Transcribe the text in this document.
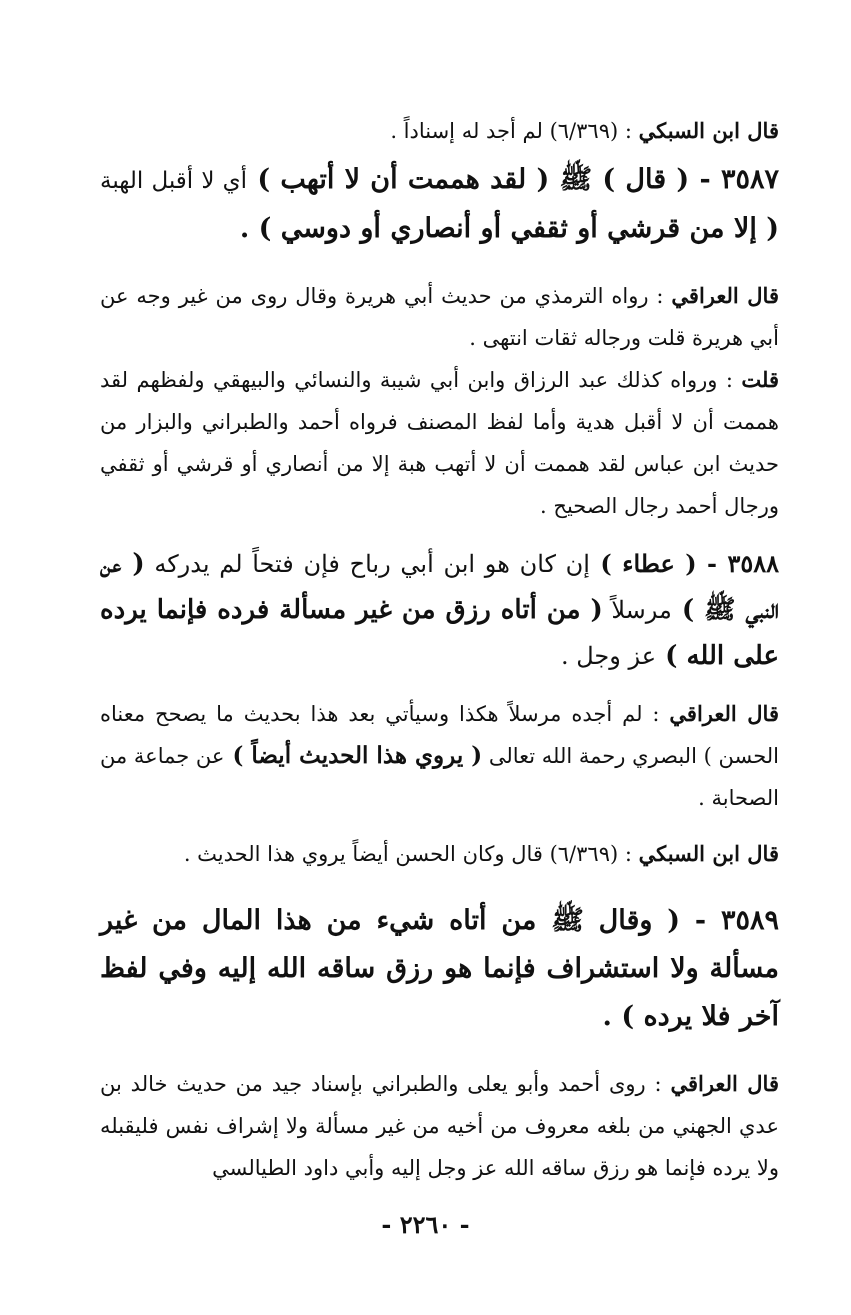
قال ابن السبكي : (٦/٣٦٩) لم أجد له إسناداً .

٣٥٨٧ - ( قال ) ﷺ ( لقد هممت أن لا أتهب ) أي لا أقبل الهبة ( إلا من قرشي أو ثقفي أو أنصاري أو دوسي ) .

قال العراقي : رواه الترمذي من حديث أبي هريرة وقال روى من غير وجه عن أبي هريرة قلت ورجاله ثقات انتهى .

قلت : ورواه كذلك عبد الرزاق وابن أبي شيبة والنسائي والبيهقي ولفظهم لقد هممت أن لا أقبل هدية وأما لفظ المصنف فرواه أحمد والطبراني والبزار من حديث ابن عباس لقد هممت أن لا أتهب هبة إلا من أنصاري أو قرشي أو ثقفي ورجال أحمد رجال الصحيح .

٣٥٨٨ - ( عطاء ) إن كان هو ابن أبي رباح فإن فتحاً لم يدركه ( عن النبي ﷺ ) مرسلاً ( من أتاه رزق من غير مسألة فرده فإنما يرده على الله ) عز وجل .

قال العراقي : لم أجده مرسلاً هكذا وسيأتي بعد هذا بحديث ما يصحح معناه الحسن ) البصري رحمة الله تعالى ( يروي هذا الحديث أيضاً ) عن جماعة من الصحابة .

قال ابن السبكي : (٦/٣٦٩) قال وكان الحسن أيضاً يروي هذا الحديث .

٣٥٨٩ - ( وقال ﷺ من أتاه شيء من هذا المال من غير مسألة ولا استشراف فإنما هو رزق ساقه الله إليه وفي لفظ آخر فلا يرده ) .

قال العراقي : روى أحمد وأبو يعلى والطبراني بإسناد جيد من حديث خالد بن عدي الجهني من بلغه معروف من أخيه من غير مسألة ولا إشراف نفس فليقبله ولا يرده فإنما هو رزق ساقه الله عز وجل إليه وأبي داود الطيالسي

- ٢٢٦٠ -
